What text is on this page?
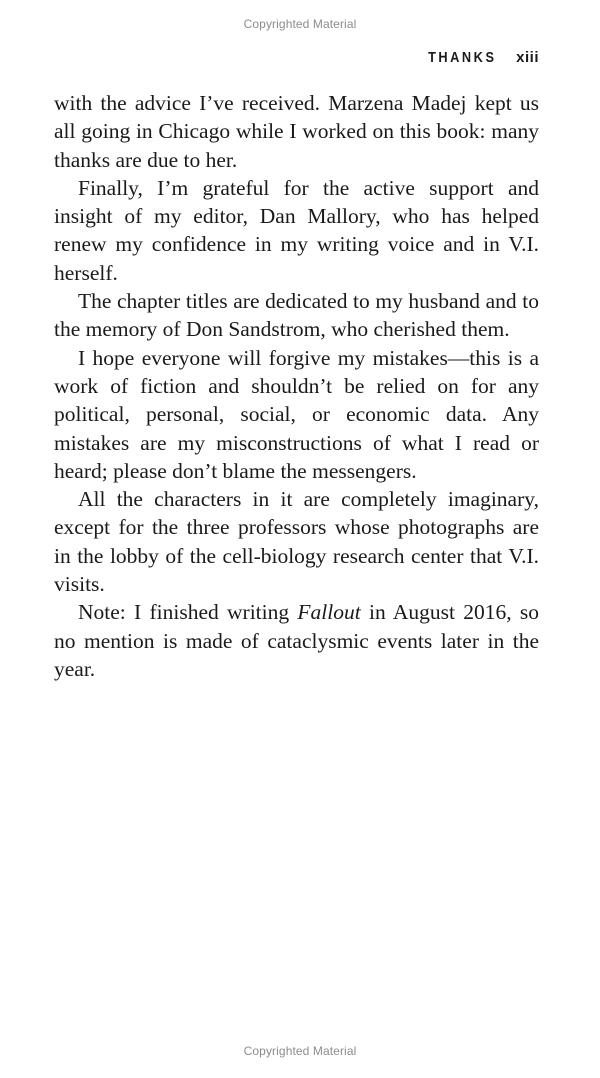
Copyrighted Material
THANKS xiii

with the advice I’ve received. Marzena Madej kept us all going in Chicago while I worked on this book: many thanks are due to her.

Finally, I’m grateful for the active support and insight of my editor, Dan Mallory, who has helped renew my confidence in my writing voice and in V.I. herself.

The chapter titles are dedicated to my husband and to the memory of Don Sandstrom, who cherished them.

I hope everyone will forgive my mistakes—this is a work of fiction and shouldn’t be relied on for any political, personal, social, or economic data. Any mistakes are my misconstructions of what I read or heard; please don’t blame the messengers.

All the characters in it are completely imaginary, except for the three professors whose photographs are in the lobby of the cell-biology research center that V.I. visits.

Note: I finished writing Fallout in August 2016, so no mention is made of cataclysmic events later in the year.

Copyrighted Material
